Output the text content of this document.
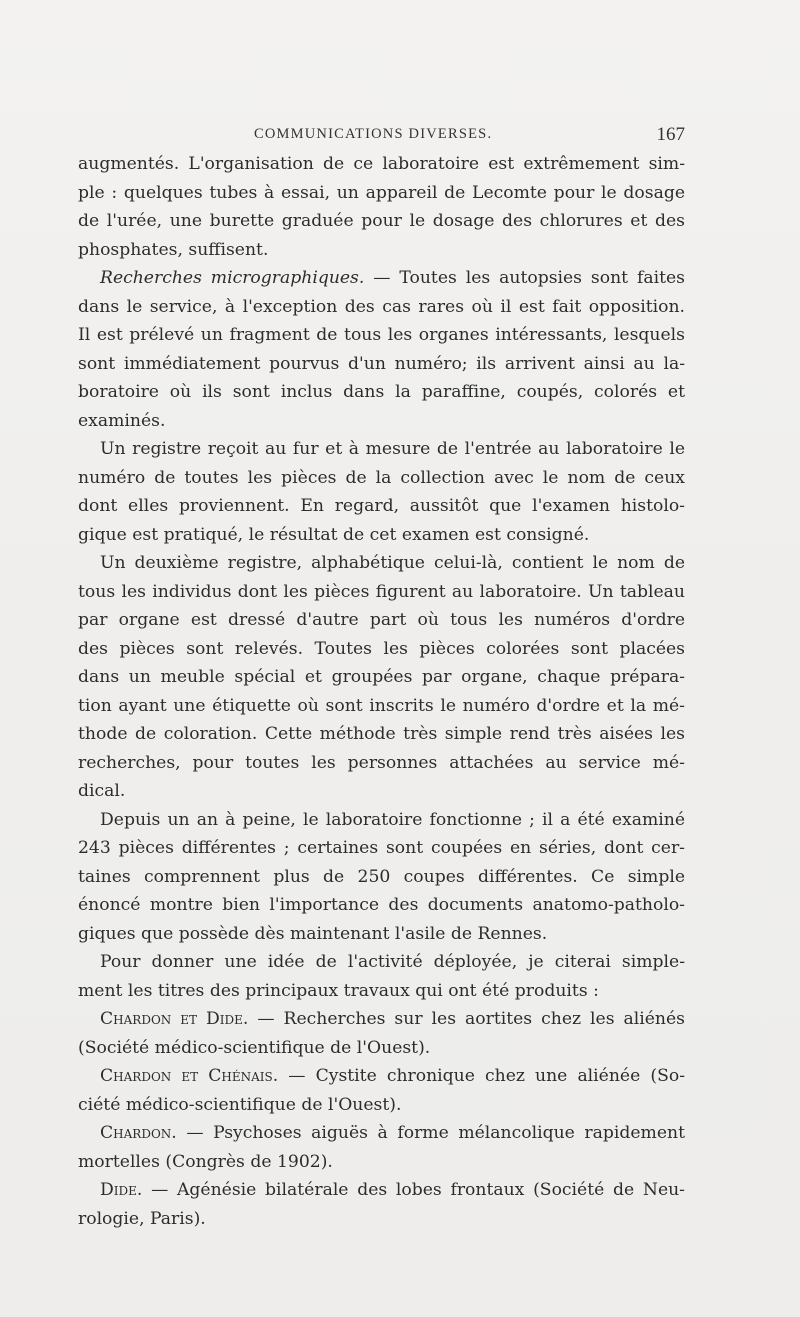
COMMUNICATIONS DIVERSES.	167
augmentés. L'organisation de ce laboratoire est extrêmement sim-
ple : quelques tubes à essai, un appareil de Lecomte pour le dosage
de l'urée, une burette graduée pour le dosage des chlorures et des
phosphates, suffisent.
Recherches micrographiques. — Toutes les autopsies sont faites
dans le service, à l'exception des cas rares où il est fait opposition.
Il est prélevé un fragment de tous les organes intéressants, lesquels
sont immédiatement pourvus d'un numéro; ils arrivent ainsi au la-
boratoire où ils sont inclus dans la paraffine, coupés, colorés et
examinés.
Un registre reçoit au fur et à mesure de l'entrée au laboratoire le
numéro de toutes les pièces de la collection avec le nom de ceux
dont elles proviennent. En regard, aussitôt que l'examen histolo-
gique est pratiqué, le résultat de cet examen est consigné.
Un deuxième registre, alphabétique celui-là, contient le nom de
tous les individus dont les pièces figurent au laboratoire. Un tableau
par organe est dressé d'autre part où tous les numéros d'ordre
des pièces sont relevés. Toutes les pièces colorées sont placées
dans un meuble spécial et groupées par organe, chaque prépara-
tion ayant une étiquette où sont inscrits le numéro d'ordre et la mé-
thode de coloration. Cette méthode très simple rend très aisées les
recherches, pour toutes les personnes attachées au service mé-
dical.
Depuis un an à peine, le laboratoire fonctionne ; il a été examiné
243 pièces différentes ; certaines sont coupées en séries, dont cer-
taines comprennent plus de 250 coupes différentes. Ce simple
énoncé montre bien l'importance des documents anatomo-patholo-
giques que possède dès maintenant l'asile de Rennes.
Pour donner une idée de l'activité déployée, je citerai simple-
ment les titres des principaux travaux qui ont été produits :
Chardon et Dide. — Recherches sur les aortites chez les aliénés
(Société médico-scientifique de l'Ouest).
Chardon et Chénais. — Cystite chronique chez une aliénée (So-
ciété médico-scientifique de l'Ouest).
Chardon. — Psychoses aiguës à forme mélancolique rapidement
mortelles (Congrès de 1902).
Dide. — Agénésie bilatérale des lobes frontaux (Société de Neu-
rologie, Paris).
